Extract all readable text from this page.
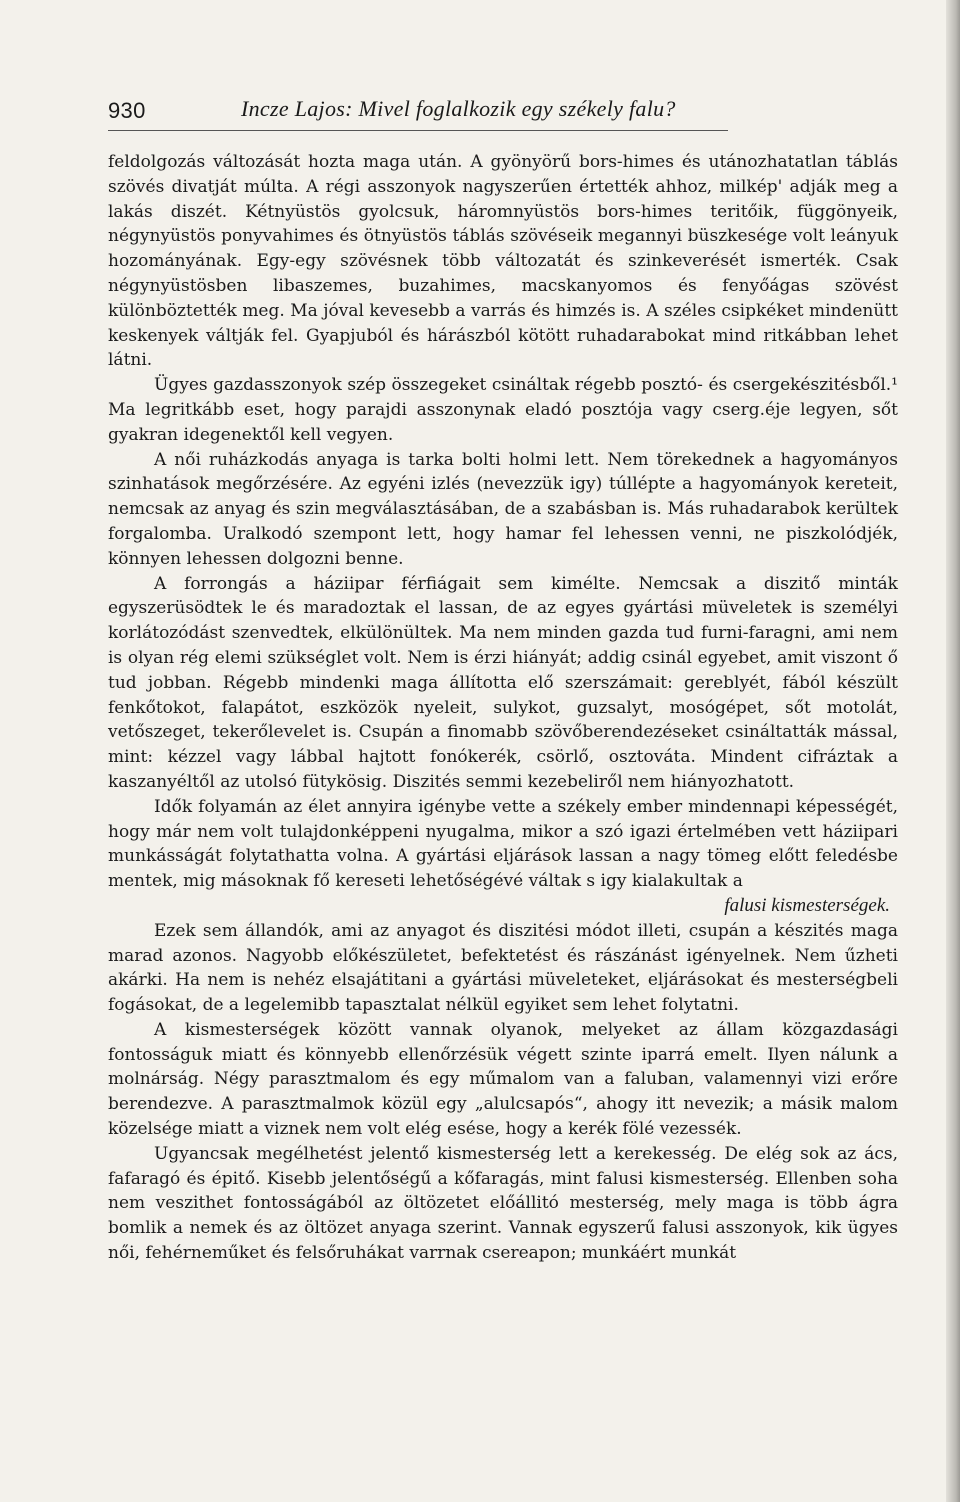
930	Incze Lajos: Mivel foglalkozik egy székely falu?

feldolgozás változását hozta maga után. A gyönyörű bors-himes és utánozhatatlan táblás szövés divatját múlta. A régi asszonyok nagyszerűen értették ahhoz, milkép' adják meg a lakás diszét. Kétnyüstös gyolcsuk, háromnyüstös bors-himes teritőik, függönyeik, négynyüstös ponyvahimes és ötnyüstös táblás szövéseik megannyi büszkesége volt leányuk hozományának. Egy-egy szövésnek több változatát és szinkeverését ismerték. Csak négynyüstösben libaszemes, buzahimes, macskanyomos és fenyőágas szövést különböztették meg. Ma jóval kevesebb a varrás és himzés is. A széles csipkéket mindenütt keskenyek váltják fel. Gyapjuból és hárászból kötött ruhadarabokat mind ritkábban lehet látni.

Ügyes gazdasszonyok szép összegeket csináltak régebb posztó- és csergekészitésből.¹ Ma legritkább eset, hogy parajdi asszonynak eladó posztója vagy cserg.éje legyen, sőt gyakran idegenektől kell vegyen.

A női ruházkodás anyaga is tarka bolti holmi lett. Nem törekednek a hagyományos szinhatások megőrzésére. Az egyéni izlés (nevezzük igy) túllépte a hagyományok kereteit, nemcsak az anyag és szin megválasztásában, de a szabásban is. Más ruhadarabok kerültek forgalomba. Uralkodó szempont lett, hogy hamar fel lehessen venni, ne piszkolódjék, könnyen lehessen dolgozni benne.

A forrongás a háziipar férfiágait sem kimélte. Nemcsak a diszitő minták egyszerüsödtek le és maradoztak el lassan, de az egyes gyártási müveletek is személyi korlátozódást szenvedtek, elkülönültek. Ma nem minden gazda tud furni-faragni, ami nem is olyan rég elemi szükséglet volt. Nem is érzi hiányát; addig csinál egyebet, amit viszont ő tud jobban. Régebb mindenki maga állította elő szerszámait: gereblyét, fából készült fenkőtokot, falapátot, eszközök nyeleit, sulykot, guzsalyt, mosógépet, sőt motolát, vetőszeget, tekerőlevelet is. Csupán a finomabb szövőberendezéseket csináltatták mással, mint: kézzel vagy lábbal hajtott fonókerék, csörlő, osztováta. Mindent cifráztak a kaszanyéltől az utolsó fütykösig. Diszités semmi kezebeliről nem hiányozhatott.

Idők folyamán az élet annyira igénybe vette a székely ember mindennapi képességét, hogy már nem volt tulajdonképpeni nyugalma, mikor a szó igazi értelmében vett háziipari munkásságát folytathatta volna. A gyártási eljárások lassan a nagy tömeg előtt feledésbe mentek, mig másoknak fő kereseti lehetőségévé váltak s igy kialakultak a

falusi kismesterségek.

Ezek sem állandók, ami az anyagot és diszitési módot illeti, csupán a készités maga marad azonos. Nagyobb előkészületet, befektetést és rászánást igényelnek. Nem űzheti akárki. Ha nem is nehéz elsajátitani a gyártási müveleteket, eljárásokat és mesterségbeli fogásokat, de a legelemibb tapasztalat nélkül egyiket sem lehet folytatni.

A kismesterségek között vannak olyanok, melyeket az állam közgazdasági fontosságuk miatt és könnyebb ellenőrzésük végett szinte iparrá emelt. Ilyen nálunk a molnárság. Négy parasztmalom és egy műmalom van a faluban, valamennyi vizi erőre berendezve. A parasztmalmok közül egy „alulcsapós“, ahogy itt nevezik; a másik malom közelsége miatt a viznek nem volt elég esése, hogy a kerék fölé vezessék.

Ugyancsak megélhetést jelentő kismesterség lett a kerekesség. De elég sok az ács, fafaragó és épitő. Kisebb jelentőségű a kőfaragás, mint falusi kismesterség. Ellenben soha nem veszithet fontosságából az öltözetet előállitó mesterség, mely maga is több ágra bomlik a nemek és az öltözet anyaga szerint. Vannak egyszerű falusi asszonyok, kik ügyes női, fehérneműket és felsőruhákat varrnak csereapon; munkáért munkát
